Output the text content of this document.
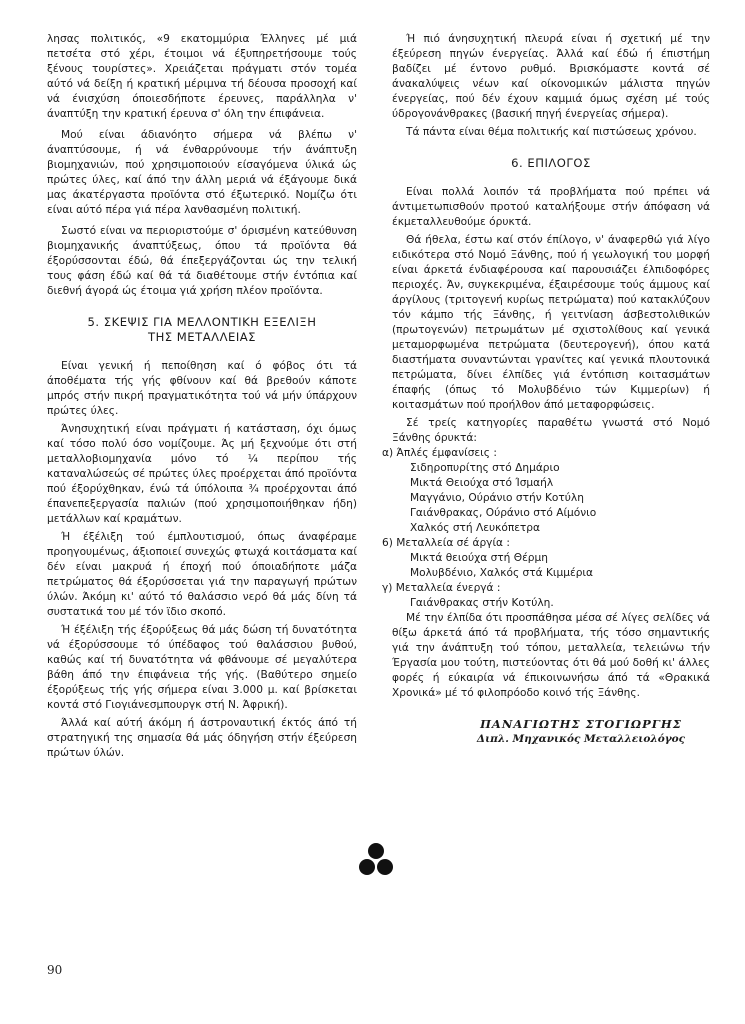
λησας πολιτικός, «9 εκατομμύρια Έλληνες μέ μιά πετσέτα στό χέρι, έτοιμοι νά έξυπηρετήσουμε τούς ξένους τουρίστες». Χρειάζεται πράγματι στόν τομέα αύτό νά δείξη ή κρατική μέριμνα τή δέουσα προσοχή καί νά ένισχύση όποιεσδήποτε έρευνες, παράλληλα ν' άναπτύξη την κρατική έρευνα σ' όλη την έπιφάνεια.

Μού είναι άδιανόητο σήμερα νά βλέπω ν' άναπτύσουμε, ή νά ένθαρρύνουμε τήν άνάπτυξη βιομηχανιών, πού χρησιμοποιούν είσαγόμενα ύλικά ώς πρώτες ύλες, καί άπό την άλλη μεριά νά έξάγουμε δικά μας άκατέργαστα προϊόντα στό έξωτερικό. Νομίζω ότι είναι αύτό πέρα γιά πέρα λανθασμένη πολιτική.

Σωστό είναι να περιοριστούμε σ' όρισμένη κατεύθυνση βιομηχανικής άναπτύξεως, όπου τά προϊόντα θά έξορύσσονται έδώ, θά έπεξεργάζονται ώς την τελική τους φάση έδώ καί θά τά διαθέτουμε στήν έντόπια καί διεθνή άγορά ώς έτοιμα γιά χρήση πλέον προϊόντα.

5. ΣΚΕΨΙΣ ΓΙΑ ΜΕΛΛΟΝΤΙΚΗ ΕΞΕΛΙΞΗ
ΤΗΣ ΜΕΤΑΛΛΕΙΑΣ

Είναι γενική ή πεποίθηση καί ό φόβος ότι τά άποθέματα τής γής φθίνουν καί θά βρεθούν κάποτε μπρός στήν πικρή πραγματικότητα τού νά μήν ύπάρχουν πρώτες ύλες.

Άνησυχητική είναι πράγματι ή κατάσταση, όχι όμως καί τόσο πολύ όσο νομίζουμε. Άς μή ξεχνούμε ότι στή μεταλλοβιομηχανία μόνο τό ¼ περίπου τής καταναλώσεώς σέ πρώτες ύλες προέρχεται άπό προϊόντα πού έξορύχθηκαν, ένώ τά ύπόλοιπα ¾ προέρχονται άπό έπανεπεξεργασία παλιών (πού χρησιμοποιήθηκαν ήδη) μετάλλων καί κραμάτων.

Ή έξέλιξη τού έμπλουτισμού, όπως άναφέραμε προηγουμένως, άξιοποιεί συνεχώς φτωχά κοιτάσματα καί δέν είναι μακρυά ή έποχή πού όποιαδήποτε μάζα πετρώματος θά έξορύσσεται γιά την παραγωγή πρώτων ύλών. Άκόμη κι' αύτό τό θαλάσσιο νερό θά μάς δίνη τά συστατικά του μέ τόν ϊδιο σκοπό.

Ή έξέλιξη τής έξορύξεως θά μάς δώση τή δυνατότητα νά έξορύσσουμε τό ύπέδαφος τού θαλάσσιου βυθού, καθώς καί τή δυνατότητα νά φθάνουμε σέ μεγαλύτερα βάθη άπό την έπιφάνεια τής γής. (Βαθύτερο σημείο έξορύξεως τής γής σήμερα είναι 3.000 μ. καί βρίσκεται κοντά στό Γιογιάνεσμπουργκ στή Ν. Άφρική).

Άλλά καί αύτή άκόμη ή άστροναυτική έκτός άπό τή στρατηγική της σημασία θά μάς όδηγήση στήν έξεύρεση πρώτων ύλών.

Ή πιό άνησυχητική πλευρά είναι ή σχετική μέ την έξεύρεση πηγών ένεργείας. Άλλά καί έδώ ή έπιστήμη βαδίζει μέ έντονο ρυθμό. Βρισκόμαστε κοντά σέ άνακαλύψεις νέων καί οίκονομικών μάλιστα πηγών ένεργείας, πού δέν έχουν καμμιά όμως σχέση μέ τούς ύδρογονάνθρακες (βασική πηγή ένεργείας σήμερα).

Τά πάντα είναι θέμα πολιτικής καί πιστώσεως χρόνου.

6. ΕΠΙΛΟΓΟΣ

Είναι πολλά λοιπόν τά προβλήματα πού πρέπει νά άντιμετωπισθούν προτού καταλήξουμε στήν άπόφαση νά έκμεταλλευθούμε όρυκτά.

Θά ήθελα, έστω καί στόν έπίλογο, ν' άναφερθώ γιά λίγο ειδικότερα στό Νομό Ξάνθης, πού ή γεωλογική του μορφή είναι άρκετά ένδιαφέρουσα καί παρουσιάζει έλπιδοφόρες περιοχές. Άν, συγκεκριμένα, έξαιρέσουμε τούς άμμους καί άργίλους (τριτογενή κυρίως πετρώματα) πού κατακλύζουν τόν κάμπο τής Ξάνθης, ή γειτνίαση άσβεστολιθικών (πρωτογενών) πετρωμάτων μέ σχιστολίθους καί γενικά μεταμορφωμένα πετρώματα (δευτερογενή), όπου κατά διαστήματα συναντώνται γρανίτες καί γενικά πλουτονικά πετρώματα, δίνει έλπίδες γιά έντόπιση κοιτασμάτων έπαφής (όπως τό Μολυβδένιο τών Κιμμερίων) ή κοιτασμάτων πού προήλθον άπό μεταφορφώσεις.

Σέ τρείς κατηγορίες παραθέτω γνωστά στό Νομό Ξάνθης όρυκτά:

α) Άπλές έμφανίσεις :

Σιδηροπυρίτης στό Δημάριο

Μικτά Θειούχα στό Ίσμαήλ

Μαγγάνιο, Ούράνιο στήν Κοτύλη

Γαιάνθρακας, Ούράνιο στό Αίμόνιο

Χαλκός στή Λευκόπετρα

6) Μεταλλεία σέ άργία :

Μικτά θειούχα στή Θέρμη

Μολυβδένιο, Χαλκός στά Κιμμέρια

γ) Μεταλλεία ένεργά :

Γαιάνθρακας στήν Κοτύλη.

Μέ την έλπίδα ότι προσπάθησα μέσα σέ λίγες σελίδες νά θίξω άρκετά άπό τά προβλήματα, τής τόσο σημαντικής γιά την άνάπτυξη τού τόπου, μεταλλεία, τελειώνω τήν Έργασία μου τούτη, πιστεύοντας ότι θά μού δοθή κι' άλλες φορές ή εύκαιρία νά έπικοινωνήσω άπό τά «Θρακικά Χρονικά» μέ τό φιλοπρόοδο κοινό τής Ξάνθης.

ΠΑΝΑΓΙΩΤΗΣ ΣΤΟΓΙΩΡΓΗΣ
Διπλ. Μηχανικός Μεταλλειολόγος
90
